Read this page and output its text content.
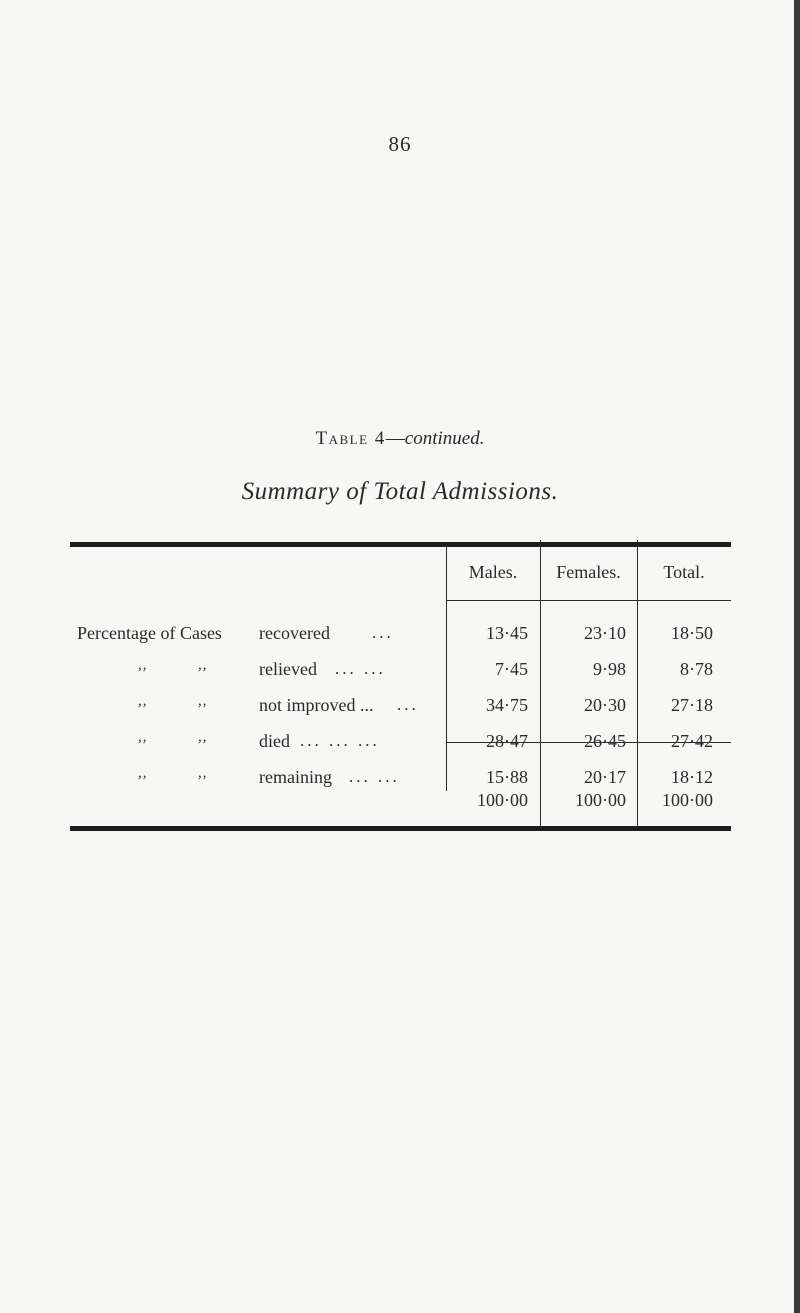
86
Table 4—continued.
Summary of Total Admissions.
Males.	Females.	Total.
Percentage of Cases recovered ...	13·45	23·10	18·50
,,	,,	relieved ... ...	7·45	9·98	8·78
,,	,,	not improved ... ...	34·75	20·30	27·18
,,	,,	died ... ... ...	28·47	26·45	27·42
,,	,,	remaining ... ...	15·88	20·17	18·12
100·00	100·00	100·00
